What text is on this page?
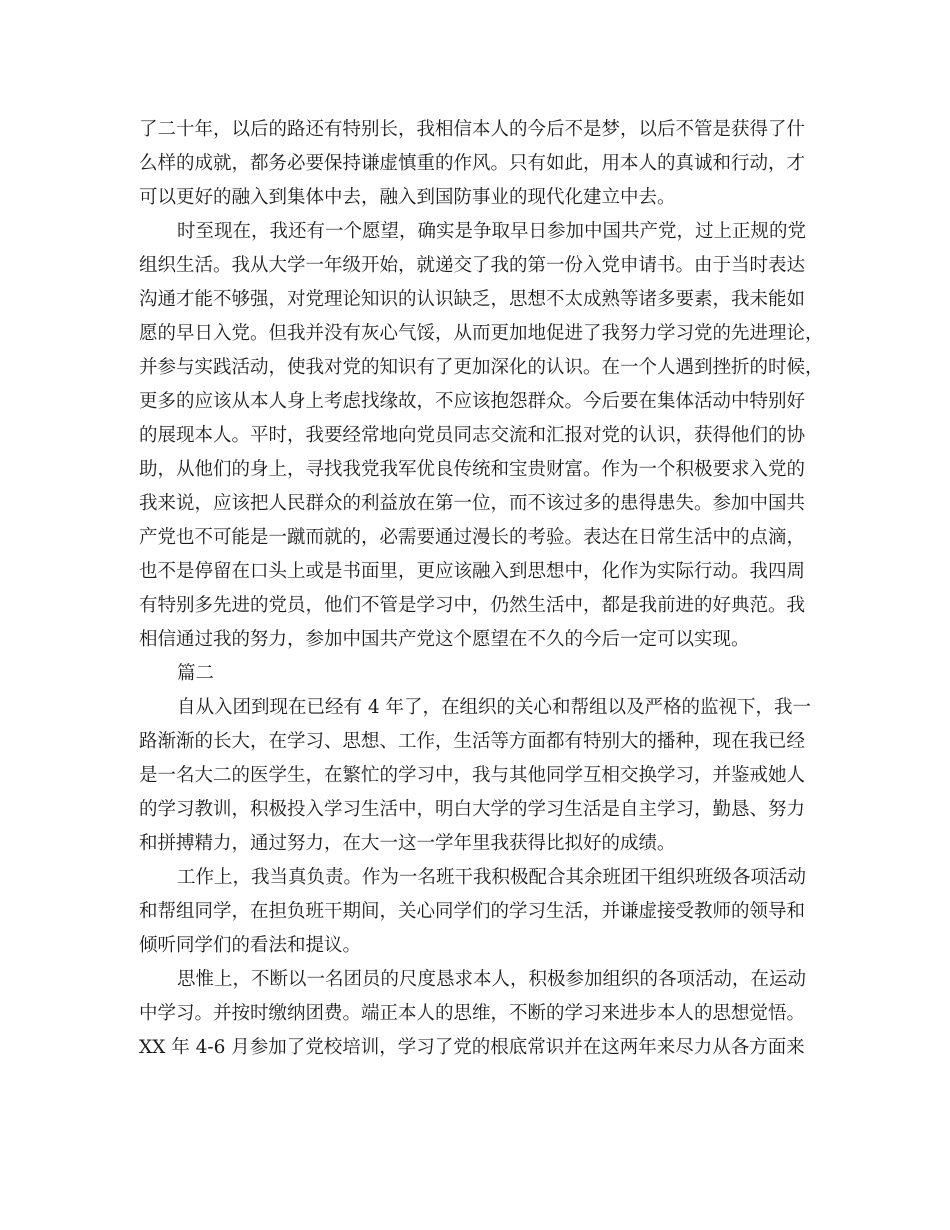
了二十年，以后的路还有特别长，我相信本人的今后不是梦，以后不管是获得了什
么样的成就，都务必要保持谦虚慎重的作风。只有如此，用本人的真诚和行动，才
可以更好的融入到集体中去，融入到国防事业的现代化建立中去。
时至现在，我还有一个愿望，确实是争取早日参加中国共产党，过上正规的党
组织生活。我从大学一年级开始，就递交了我的第一份入党申请书。由于当时表达
沟通才能不够强，对党理论知识的认识缺乏，思想不太成熟等诸多要素，我未能如
愿的早日入党。但我并没有灰心气馁，从而更加地促进了我努力学习党的先进理论，
并参与实践活动，使我对党的知识有了更加深化的认识。在一个人遇到挫折的时候，
更多的应该从本人身上考虑找缘故，不应该抱怨群众。今后要在集体活动中特别好
的展现本人。平时，我要经常地向党员同志交流和汇报对党的认识，获得他们的协
助，从他们的身上，寻找我党我军优良传统和宝贵财富。作为一个积极要求入党的
我来说，应该把人民群众的利益放在第一位，而不该过多的患得患失。参加中国共
产党也不可能是一蹴而就的，必需要通过漫长的考验。表达在日常生活中的点滴，
也不是停留在口头上或是书面里，更应该融入到思想中，化作为实际行动。我四周
有特别多先进的党员，他们不管是学习中，仍然生活中，都是我前进的好典范。我
相信通过我的努力，参加中国共产党这个愿望在不久的今后一定可以实现。
篇二
自从入团到现在已经有 4 年了，在组织的关心和帮组以及严格的监视下，我一
路渐渐的长大，在学习、思想、工作，生活等方面都有特别大的播种，现在我已经
是一名大二的医学生，在繁忙的学习中，我与其他同学互相交换学习，并鉴戒她人
的学习教训，积极投入学习生活中，明白大学的学习生活是自主学习，勤恳、努力
和拼搏精力，通过努力，在大一这一学年里我获得比拟好的成绩。
工作上，我当真负责。作为一名班干我积极配合其余班团干组织班级各项活动
和帮组同学，在担负班干期间，关心同学们的学习生活，并谦虚接受教师的领导和
倾听同学们的看法和提议。
思惟上，不断以一名团员的尺度恳求本人，积极参加组织的各项活动，在运动
中学习。并按时缴纳团费。端正本人的思维，不断的学习来进步本人的思想觉悟。
XX 年 4-6 月参加了党校培训，学习了党的根底常识并在这两年来尽力从各方面来
